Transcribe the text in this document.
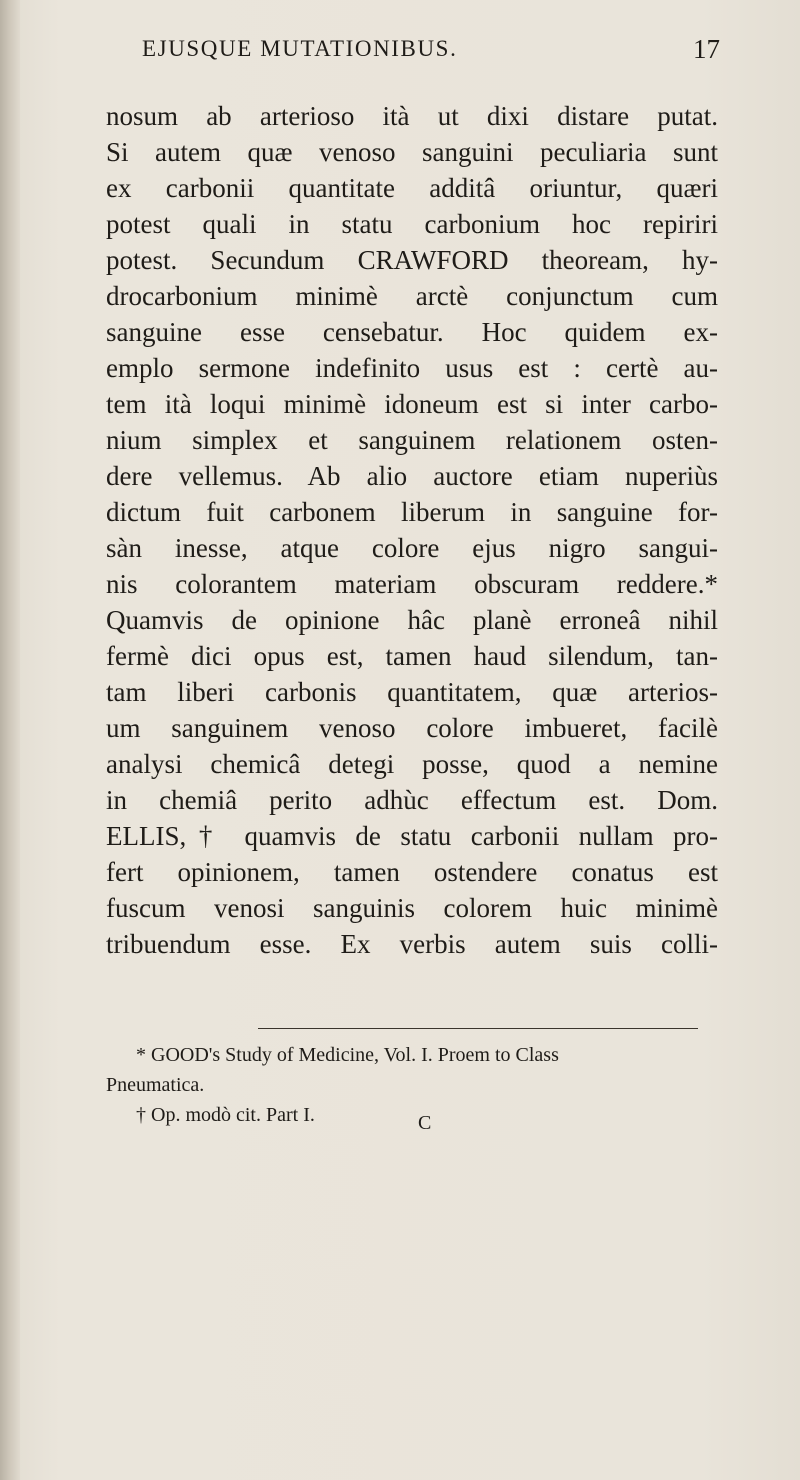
EJUSQUE MUTATIONIBUS.	17
nosum ab arterioso ità ut dixi distare putat.
Si autem quæ venoso sanguini peculiaria sunt
ex carbonii quantitate additâ oriuntur, quæri
potest quali in statu carbonium hoc repiriri
potest. Secundum CRAWFORD theoream, hy-
drocarbonium minimè arctè conjunctum cum
sanguine esse censebatur. Hoc quidem ex-
emplo sermone indefinito usus est : certè au-
tem ità loqui minimè idoneum est si inter carbo-
nium simplex et sanguinem relationem osten-
dere vellemus. Ab alio auctore etiam nuperiùs
dictum fuit carbonem liberum in sanguine for-
sàn inesse, atque colore ejus nigro sangui-
nis colorantem materiam obscuram reddere.*
Quamvis de opinione hâc planè erroneâ nihil
fermè dici opus est, tamen haud silendum, tan-
tam liberi carbonis quantitatem, quæ arterios-
um sanguinem venoso colore imbueret, facilè
analysi chemicâ detegi posse, quod a nemine
in chemiâ perito adhùc effectum est. Dom.
ELLIS,† quamvis de statu carbonii nullam pro-
fert opinionem, tamen ostendere conatus est
fuscum venosi sanguinis colorem huic minimè
tribuendum esse. Ex verbis autem suis colli-
* GOOD's Study of Medicine, Vol. I. Proem to Class
Pneumatica.
† Op. modò cit. Part I.	C
